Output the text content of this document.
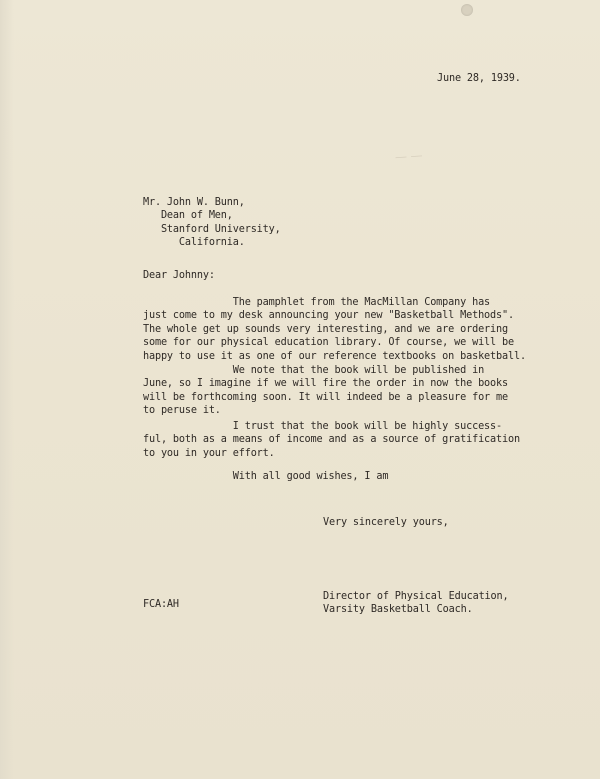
— —
June 28, 1939.
Mr. John W. Bunn,
Dean of Men,
Stanford University,
California.
Dear Johnny:
The pamphlet from the MacMillan Company has
just come to my desk announcing your new "Basketball Methods".
The whole get up sounds very interesting, and we are ordering
some for our physical education library. Of course, we will be
happy to use it as one of our reference textbooks on basketball.
We note that the book will be published in
June, so I imagine if we will fire the order in now the books
will be forthcoming soon. It will indeed be a pleasure for me
to peruse it.
I trust that the book will be highly success-
ful, both as a means of income and as a source of gratification
to you in your effort.
With all good wishes, I am
Very sincerely yours,
Director of Physical Education,
Varsity Basketball Coach.
FCA:AH
